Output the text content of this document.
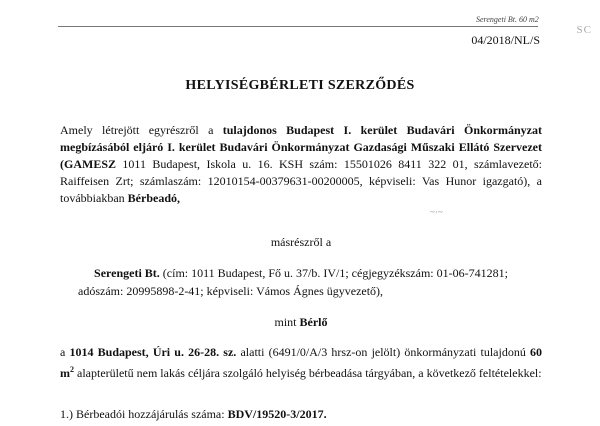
Serengeti Bt. 60 m2
04/2018/NL/S
SC
HELYISÉGBÉRLETI SZERZŐDÉS
Amely létrejött egyrészről a tulajdonos Budapest I. kerület Budavári Önkormányzat megbízásából eljáró I. kerület Budavári Önkormányzat Gazdasági Műszaki Ellátó Szervezet (GAMESZ 1011 Budapest, Iskola u. 16. KSH szám: 15501026 8411 322 01, számlavezető: Raiffeisen Zrt; számlaszám: 12010154-00379631-00200005, képviseli: Vas Hunor igazgató), a továbbiakban Bérbeadó,
~·~
másrészről a
Serengeti Bt. (cím: 1011 Budapest, Fő u. 37/b. IV/1; cégjegyzékszám: 01-06-741281;
adószám: 20995898-2-41; képviseli: Vámos Ágnes ügyvezető),
mint Bérlő
a 1014 Budapest, Úri u. 26-28. sz. alatti (6491/0/A/3 hrsz-on jelölt) önkormányzati tulajdonú 60 $m^2$ alapterületű nem lakás céljára szolgáló helyiség bérbeadása tárgyában, a következő feltételekkel:
1.) Bérbeadói hozzájárulás száma: BDV/19520-3/2017.
